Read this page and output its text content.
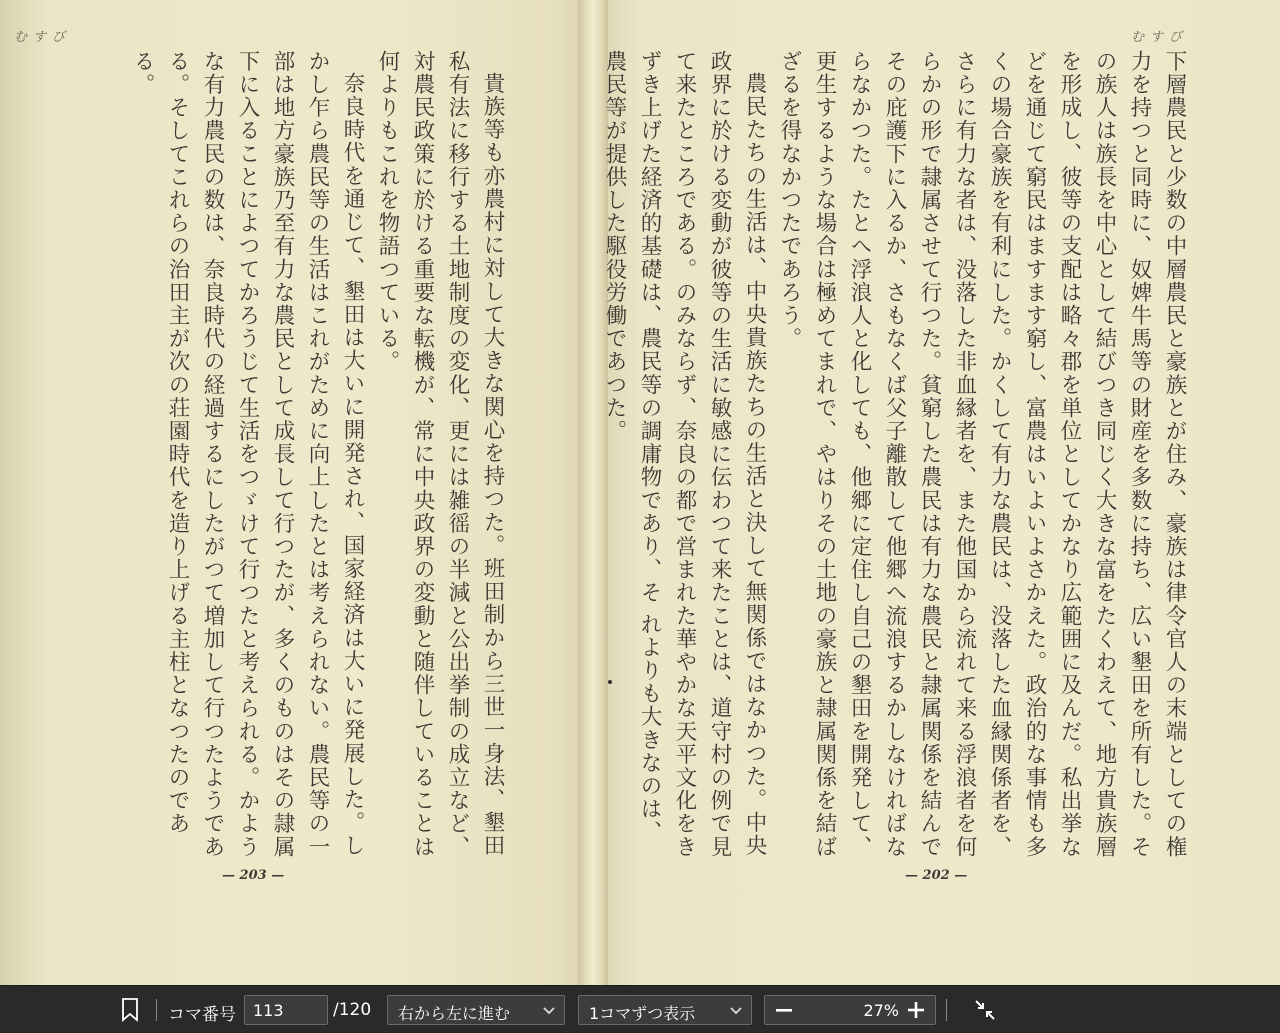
むすび	むすび

下層農民と少数の中層農民と豪族とが住み、豪族は律令官人の末端としての権力を持つと同時に、奴婢牛馬等の財産を多数に持ち、広い墾田を所有した。その族人は族長を中心として結びつき同じく大きな富をたくわえて、地方貴族層を形成し、彼等の支配は略々郡を単位としてかなり広範囲に及んだ。私出挙などを通じて窮民はますます窮し、富農はいよいよさかえた。政治的な事情も多くの場合豪族を有利にした。かくして有力な農民は、没落した血縁関係者を、さらに有力な者は、没落した非血縁者を、また他国から流れて来る浮浪者を何らかの形で隷属させて行つた。貧窮した農民は有力な農民と隷属関係を結んでその庇護下に入るか、さもなくば父子離散して他郷へ流浪するかしなければならなかつた。たとへ浮浪人と化しても、他郷に定住し自己の墾田を開発して、更生するような場合は極めてまれで、やはりその土地の豪族と隷属関係を結ばざるを得なかつたであろう。

農民たちの生活は、中央貴族たちの生活と決して無関係ではなかつた。中央政界に於ける変動が彼等の生活に敏感に伝わつて来たことは、道守村の例で見て来たところである。のみならず、奈良の都で営まれた華やかな天平文化をきずき上げた経済的基礎は、農民等の調庸物であり、そ れよりも大きなのは、農民等が提供した駆役労働であつた。

貴族等も亦農村に対して大きな関心を持つた。班田制から三世一身法、墾田私有法に移行する土地制度の変化、更には雑徭の半減と公出挙制の成立など、対農民政策に於ける重要な転機が、常に中央政界の変動と随伴していることは何よりもこれを物語つている。

奈良時代を通じて、墾田は大いに開発され、国家経済は大いに発展した。しかし乍ら農民等の生活はこれがために向上したとは考えられない。農民等の一部は地方豪族乃至有力な農民として成長して行つたが、多くのものはその隷属下に入ることによつてかろうじて生活をつゞけて行つたと考えられる。かような有力農民の数は、奈良時代の経過するにしたがつて増加して行つたようである。そしてこれらの治田主が次の荘園時代を造り上げる主柱となつたのである。

— 203 —	— 202 —
コマ番号
113	/120	右から左に進む	1コマずつ表示	27%
